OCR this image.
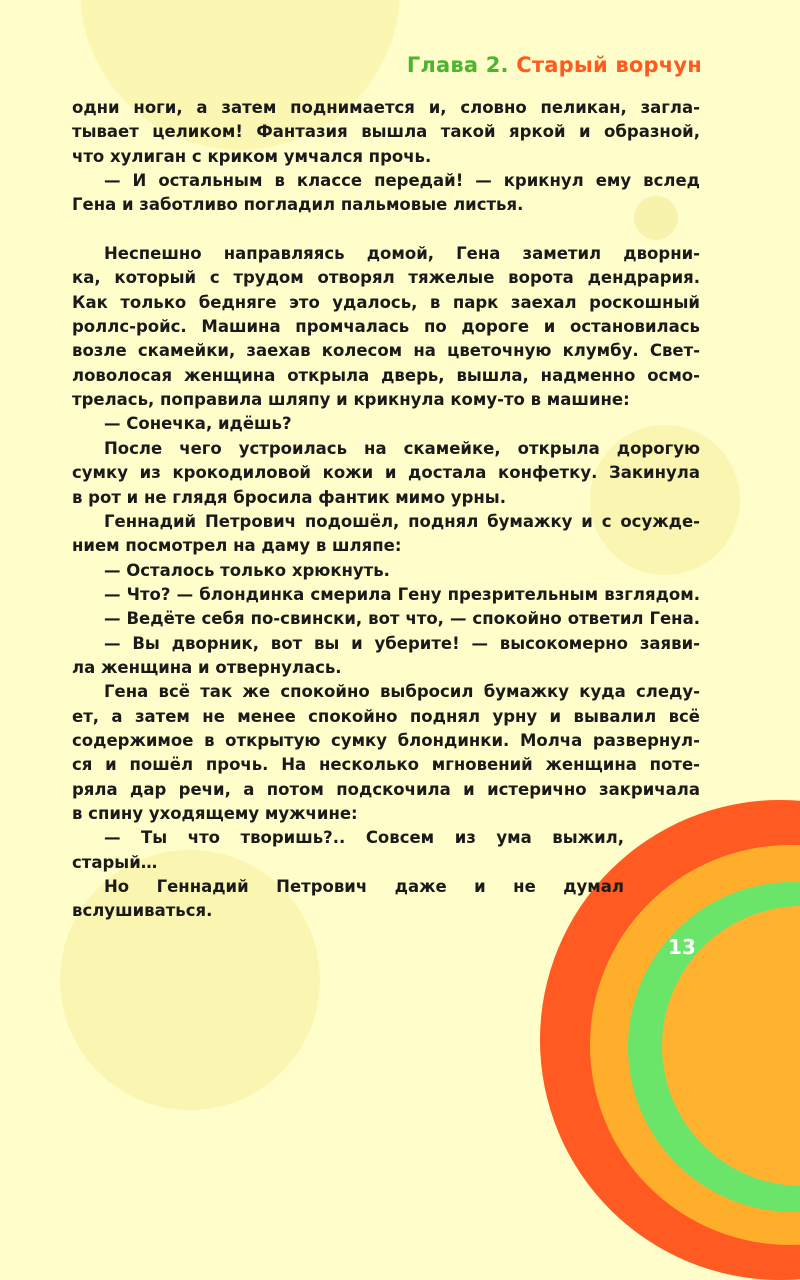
Глава 2. Старый ворчун
одни ноги, а затем поднимается и, словно пеликан, загла-
тывает целиком! Фантазия вышла такой яркой и образной,
что хулиган с криком умчался прочь.
— И остальным в классе передай! — крикнул ему вслед
Гена и заботливо погладил пальмовые листья.
Неспешно направляясь домой, Гена заметил дворни-
ка, который с трудом отворял тяжелые ворота дендрария.
Как только бедняге это удалось, в парк заехал роскошный
роллс-ройс. Машина промчалась по дороге и остановилась
возле скамейки, заехав колесом на цветочную клумбу. Свет-
ловолосая женщина открыла дверь, вышла, надменно осмо-
трелась, поправила шляпу и крикнула кому-то в машине:
— Сонечка, идёшь?
После чего устроилась на скамейке, открыла дорогую
сумку из крокодиловой кожи и достала конфетку. Закинула
в рот и не глядя бросила фантик мимо урны.
Геннадий Петрович подошёл, поднял бумажку и с осужде-
нием посмотрел на даму в шляпе:
— Осталось только хрюкнуть.
— Что? — блондинка смерила Гену презрительным взглядом.
— Ведёте себя по-свински, вот что, — спокойно ответил Гена.
— Вы дворник, вот вы и уберите! — высокомерно заяви-
ла женщина и отвернулась.
Гена всё так же спокойно выбросил бумажку куда следу-
ет, а затем не менее спокойно поднял урну и вывалил всё
содержимое в открытую сумку блондинки. Молча развернул-
ся и пошёл прочь. На несколько мгновений женщина поте-
ряла дар речи, а потом подскочила и истерично закричала
в спину уходящему мужчине:
— Ты что творишь?.. Совсем из ума выжил,
старый…
Но Геннадий Петрович даже и не думал
вслушиваться.
13
